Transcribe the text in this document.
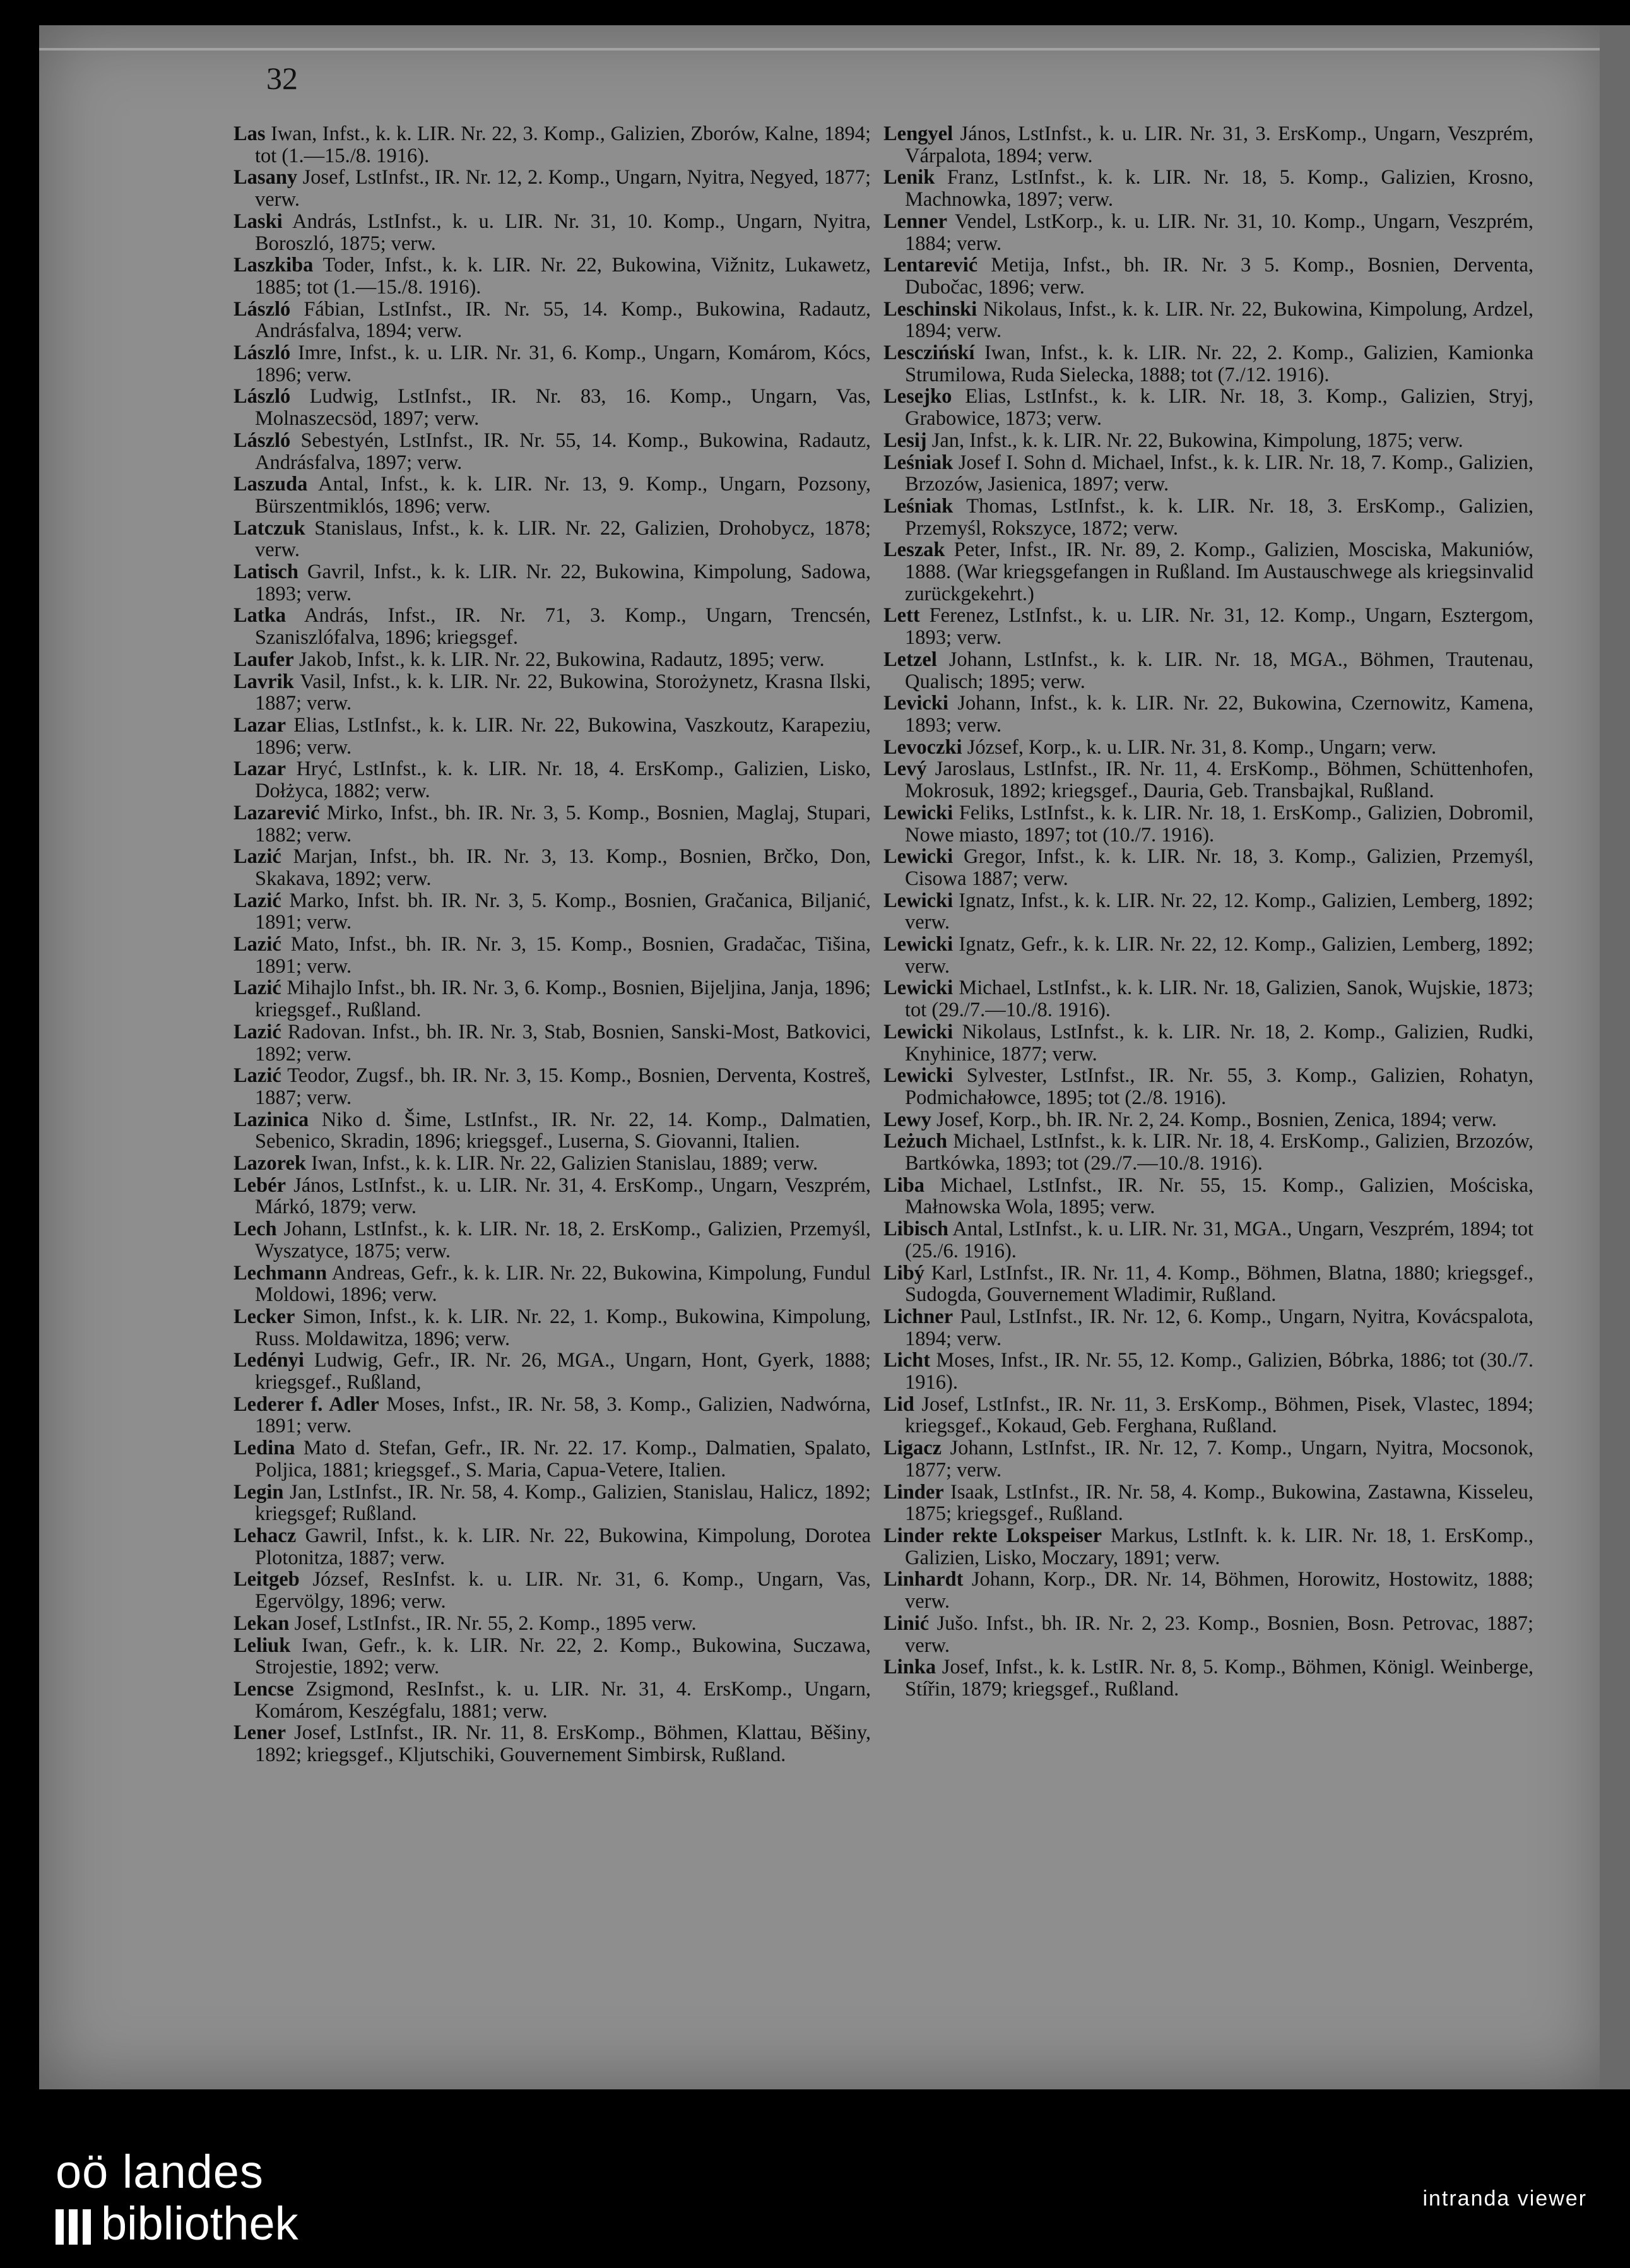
32

Las Iwan, Infst., k. k. LIR. Nr. 22, 3. Komp., Galizien, Zborów, Kalne, 1894; tot (1.—15./8. 1916).

Lasany Josef, LstInfst., IR. Nr. 12, 2. Komp., Ungarn, Nyitra, Negyed, 1877; verw.

Laski András, LstInfst., k. u. LIR. Nr. 31, 10. Komp., Ungarn, Nyitra, Boroszló, 1875; verw.

Laszkiba Toder, Infst., k. k. LIR. Nr. 22, Bukowina, Vižnitz, Lukawetz, 1885; tot (1.—15./8. 1916).

László Fábian, LstInfst., IR. Nr. 55, 14. Komp., Bukowina, Radautz, Andrásfalva, 1894; verw.

László Imre, Infst., k. u. LIR. Nr. 31, 6. Komp., Ungarn, Komárom, Kócs, 1896; verw.

László Ludwig, LstInfst., IR. Nr. 83, 16. Komp., Ungarn, Vas, Molnaszecsöd, 1897; verw.

László Sebestyén, LstInfst., IR. Nr. 55, 14. Komp., Bukowina, Radautz, Andrásfalva, 1897; verw.

Laszuda Antal, Infst., k. k. LIR. Nr. 13, 9. Komp., Ungarn, Pozsony, Bürszentmiklós, 1896; verw.

Latczuk Stanislaus, Infst., k. k. LIR. Nr. 22, Galizien, Drohobycz, 1878; verw.

Latisch Gavril, Infst., k. k. LIR. Nr. 22, Bukowina, Kimpolung, Sadowa, 1893; verw.

Latka András, Infst., IR. Nr. 71, 3. Komp., Ungarn, Trencsén, Szaniszlófalva, 1896; kriegsgef.

Laufer Jakob, Infst., k. k. LIR. Nr. 22, Bukowina, Radautz, 1895; verw.

Lavrik Vasil, Infst., k. k. LIR. Nr. 22, Bukowina, Storożynetz, Krasna Ilski, 1887; verw.

Lazar Elias, LstInfst., k. k. LIR. Nr. 22, Bukowina, Vaszkoutz, Karapeziu, 1896; verw.

Lazar Hryć, LstInfst., k. k. LIR. Nr. 18, 4. ErsKomp., Galizien, Lisko, Dołżyca, 1882; verw.

Lazarević Mirko, Infst., bh. IR. Nr. 3, 5. Komp., Bosnien, Maglaj, Stupari, 1882; verw.

Lazić Marjan, Infst., bh. IR. Nr. 3, 13. Komp., Bosnien, Brčko, Don, Skakava, 1892; verw.

Lazić Marko, Infst. bh. IR. Nr. 3, 5. Komp., Bosnien, Gračanica, Biljanić, 1891; verw.

Lazić Mato, Infst., bh. IR. Nr. 3, 15. Komp., Bosnien, Gradačac, Tišina, 1891; verw.

Lazić Mihajlo Infst., bh. IR. Nr. 3, 6. Komp., Bosnien, Bijeljina, Janja, 1896; kriegsgef., Rußland.

Lazić Radovan. Infst., bh. IR. Nr. 3, Stab, Bosnien, Sanski-Most, Batkovici, 1892; verw.

Lazić Teodor, Zugsf., bh. IR. Nr. 3, 15. Komp., Bosnien, Derventa, Kostreš, 1887; verw.

Lazinica Niko d. Šime, LstInfst., IR. Nr. 22, 14. Komp., Dalmatien, Sebenico, Skradin, 1896; kriegsgef., Luserna, S. Giovanni, Italien.

Lazorek Iwan, Infst., k. k. LIR. Nr. 22, Galizien Stanislau, 1889; verw.

Lebér János, LstInfst., k. u. LIR. Nr. 31, 4. ErsKomp., Ungarn, Veszprém, Márkó, 1879; verw.

Lech Johann, LstInfst., k. k. LIR. Nr. 18, 2. ErsKomp., Galizien, Przemyśl, Wyszatyce, 1875; verw.

Lechmann Andreas, Gefr., k. k. LIR. Nr. 22, Bukowina, Kimpolung, Fundul Moldowi, 1896; verw.

Lecker Simon, Infst., k. k. LIR. Nr. 22, 1. Komp., Bukowina, Kimpolung, Russ. Moldawitza, 1896; verw.

Ledényi Ludwig, Gefr., IR. Nr. 26, MGA., Ungarn, Hont, Gyerk, 1888; kriegsgef., Rußland,

Lederer f. Adler Moses, Infst., IR. Nr. 58, 3. Komp., Galizien, Nadwórna, 1891; verw.

Ledina Mato d. Stefan, Gefr., IR. Nr. 22. 17. Komp., Dalmatien, Spalato, Poljica, 1881; kriegsgef., S. Maria, Capua-Vetere, Italien.

Legin Jan, LstInfst., IR. Nr. 58, 4. Komp., Galizien, Stanislau, Halicz, 1892; kriegsgef; Rußland.

Lehacz Gawril, Infst., k. k. LIR. Nr. 22, Bukowina, Kimpolung, Dorotea Plotonitza, 1887; verw.

Leitgeb József, ResInfst. k. u. LIR. Nr. 31, 6. Komp., Ungarn, Vas, Egervölgy, 1896; verw.

Lekan Josef, LstInfst., IR. Nr. 55, 2. Komp., 1895 verw.

Leliuk Iwan, Gefr., k. k. LIR. Nr. 22, 2. Komp., Bukowina, Suczawa, Strojestie, 1892; verw.

Lencse Zsigmond, ResInfst., k. u. LIR. Nr. 31, 4. ErsKomp., Ungarn, Komárom, Keszégfalu, 1881; verw.

Lener Josef, LstInfst., IR. Nr. 11, 8. ErsKomp., Böhmen, Klattau, Běšiny, 1892; kriegsgef., Kljutschiki, Gouvernement Simbirsk, Rußland.

Lengyel János, LstInfst., k. u. LIR. Nr. 31, 3. ErsKomp., Ungarn, Veszprém, Várpalota, 1894; verw.

Lenik Franz, LstInfst., k. k. LIR. Nr. 18, 5. Komp., Galizien, Krosno, Machnowka, 1897; verw.

Lenner Vendel, LstKorp., k. u. LIR. Nr. 31, 10. Komp., Ungarn, Veszprém, 1884; verw.

Lentarević Metija, Infst., bh. IR. Nr. 3 5. Komp., Bosnien, Derventa, Dubočac, 1896; verw.

Leschinski Nikolaus, Infst., k. k. LIR. Nr. 22, Bukowina, Kimpolung, Ardzel, 1894; verw.

Lesczińskí Iwan, Infst., k. k. LIR. Nr. 22, 2. Komp., Galizien, Kamionka Strumilowa, Ruda Sielecka, 1888; tot (7./12. 1916).

Lesejko Elias, LstInfst., k. k. LIR. Nr. 18, 3. Komp., Galizien, Stryj, Grabowice, 1873; verw.

Lesij Jan, Infst., k. k. LIR. Nr. 22, Bukowina, Kimpolung, 1875; verw.

Leśniak Josef I. Sohn d. Michael, Infst., k. k. LIR. Nr. 18, 7. Komp., Galizien, Brzozów, Jasienica, 1897; verw.

Leśniak Thomas, LstInfst., k. k. LIR. Nr. 18, 3. ErsKomp., Galizien, Przemyśl, Rokszyce, 1872; verw.

Leszak Peter, Infst., IR. Nr. 89, 2. Komp., Galizien, Mosciska, Makuniów, 1888. (War kriegsgefangen in Rußland. Im Austauschwege als kriegsinvalid zurückgekehrt.)

Lett Ferenez, LstInfst., k. u. LIR. Nr. 31, 12. Komp., Ungarn, Esztergom, 1893; verw.

Letzel Johann, LstInfst., k. k. LIR. Nr. 18, MGA., Böhmen, Trautenau, Qualisch; 1895; verw.

Levicki Johann, Infst., k. k. LIR. Nr. 22, Bukowina, Czernowitz, Kamena, 1893; verw.

Levoczki József, Korp., k. u. LIR. Nr. 31, 8. Komp., Ungarn; verw.

Levý Jaroslaus, LstInfst., IR. Nr. 11, 4. ErsKomp., Böhmen, Schüttenhofen, Mokrosuk, 1892; kriegsgef., Dauria, Geb. Transbajkal, Rußland.

Lewicki Feliks, LstInfst., k. k. LIR. Nr. 18, 1. ErsKomp., Galizien, Dobromil, Nowe miasto, 1897; tot (10./7. 1916).

Lewicki Gregor, Infst., k. k. LIR. Nr. 18, 3. Komp., Galizien, Przemyśl, Cisowa 1887; verw.

Lewicki Ignatz, Infst., k. k. LIR. Nr. 22, 12. Komp., Galizien, Lemberg, 1892; verw.

Lewicki Ignatz, Gefr., k. k. LIR. Nr. 22, 12. Komp., Galizien, Lemberg, 1892; verw.

Lewicki Michael, LstInfst., k. k. LIR. Nr. 18, Galizien, Sanok, Wujskie, 1873; tot (29./7.—10./8. 1916).

Lewicki Nikolaus, LstInfst., k. k. LIR. Nr. 18, 2. Komp., Galizien, Rudki, Knyhinice, 1877; verw.

Lewicki Sylvester, LstInfst., IR. Nr. 55, 3. Komp., Galizien, Rohatyn, Podmichałowce, 1895; tot (2./8. 1916).

Lewy Josef, Korp., bh. IR. Nr. 2, 24. Komp., Bosnien, Zenica, 1894; verw.

Leżuch Michael, LstInfst., k. k. LIR. Nr. 18, 4. ErsKomp., Galizien, Brzozów, Bartkówka, 1893; tot (29./7.—10./8. 1916).

Liba Michael, LstInfst., IR. Nr. 55, 15. Komp., Galizien, Mościska, Małnowska Wola, 1895; verw.

Libisch Antal, LstInfst., k. u. LIR. Nr. 31, MGA., Ungarn, Veszprém, 1894; tot (25./6. 1916).

Libý Karl, LstInfst., IR. Nr. 11, 4. Komp., Böhmen, Blatna, 1880; kriegsgef., Sudogda, Gouvernement Wladimir, Rußland.

Lichner Paul, LstInfst., IR. Nr. 12, 6. Komp., Ungarn, Nyitra, Kovácspalota, 1894; verw.

Licht Moses, Infst., IR. Nr. 55, 12. Komp., Galizien, Bóbrka, 1886; tot (30./7. 1916).

Lid Josef, LstInfst., IR. Nr. 11, 3. ErsKomp., Böhmen, Pisek, Vlastec, 1894; kriegsgef., Kokaud, Geb. Ferghana, Rußland.

Ligacz Johann, LstInfst., IR. Nr. 12, 7. Komp., Ungarn, Nyitra, Mocsonok, 1877; verw.

Linder Isaak, LstInfst., IR. Nr. 58, 4. Komp., Bukowina, Zastawna, Kisseleu, 1875; kriegsgef., Rußland.

Linder rekte Lokspeiser Markus, LstInft. k. k. LIR. Nr. 18, 1. ErsKomp., Galizien, Lisko, Moczary, 1891; verw.

Linhardt Johann, Korp., DR. Nr. 14, Böhmen, Horowitz, Hostowitz, 1888; verw.

Linić Jušo. Infst., bh. IR. Nr. 2, 23. Komp., Bosnien, Bosn. Petrovac, 1887; verw.

Linka Josef, Infst., k. k. LstIR. Nr. 8, 5. Komp., Böhmen, Königl. Weinberge, Stířin, 1879; kriegsgef., Rußland.

oö landes
bibliothek	intranda viewer
